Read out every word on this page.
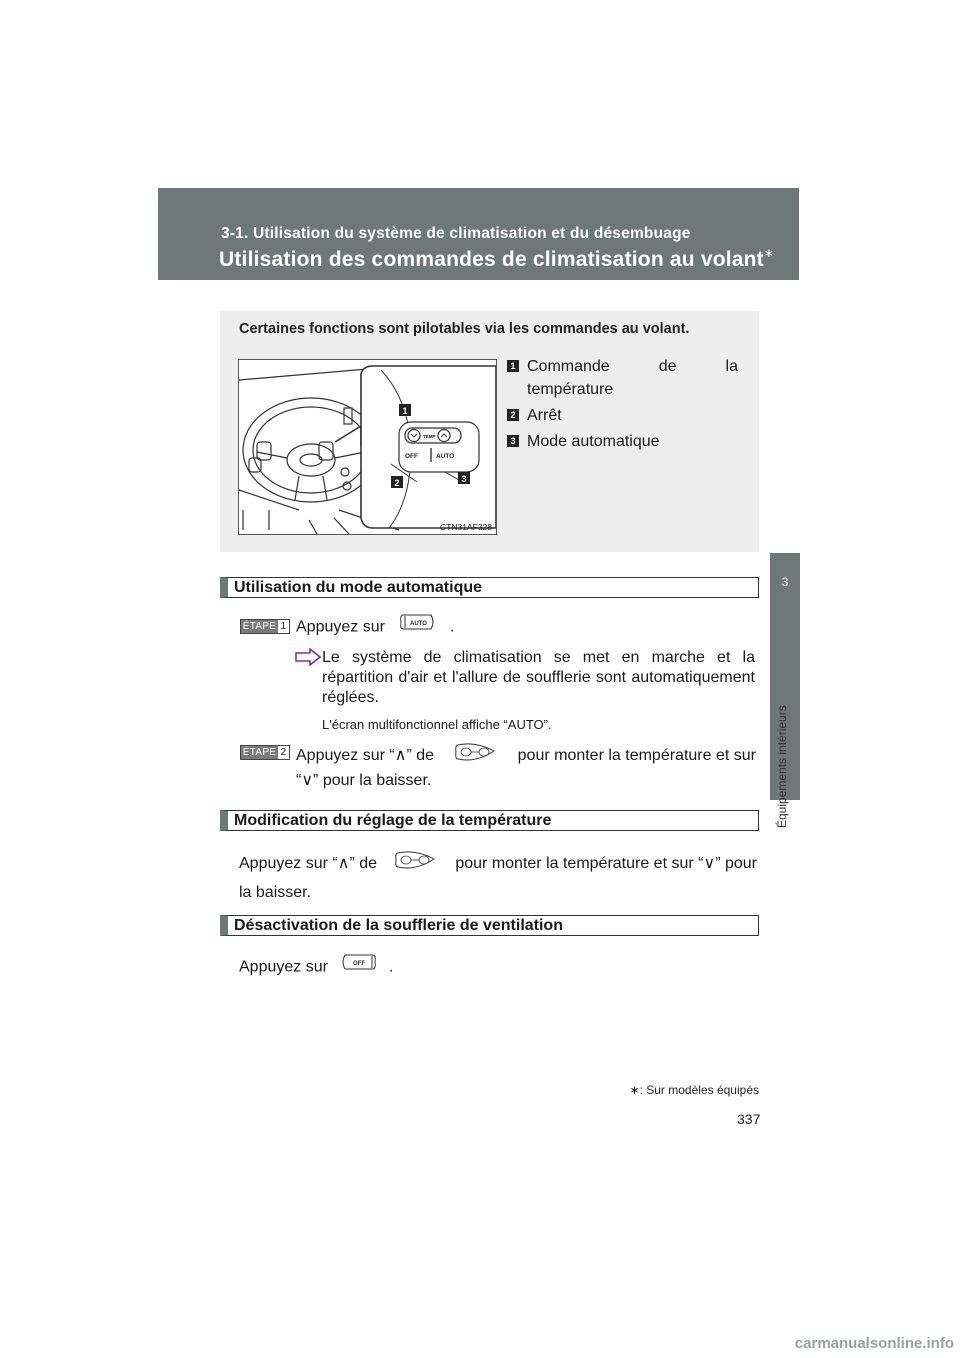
3-1. Utilisation du système de climatisation et du désembuage
Utilisation des commandes de climatisation au volant∗
3
Équipements intérieurs
Certaines fonctions sont pilotables via les commandes au volant.
TEMP
OFF	AUTO
1
2	3
CTN31AF328
1 Commande de la
température
2 Arrêt
3 Mode automatique
Utilisation du mode automatique
ÉTAPE 1 Appuyez sur	AUTO .

Le système de climatisation se met en marche et la répartition d'air et l'allure de soufflerie sont automatiquement réglées.

L'écran multifonctionnel affiche “AUTO”.
ÉTAPE 2 Appuyez sur “∧” de	pour monter la température et sur
“∨” pour la baisser.
Modification du réglage de la température
Appuyez sur “∧” de	pour monter la température et sur “∨” pour
la baisser.
Désactivation de la soufflerie de ventilation
Appuyez sur	OFF .
∗: Sur modèles équipés
337
carmanualsonline.info
